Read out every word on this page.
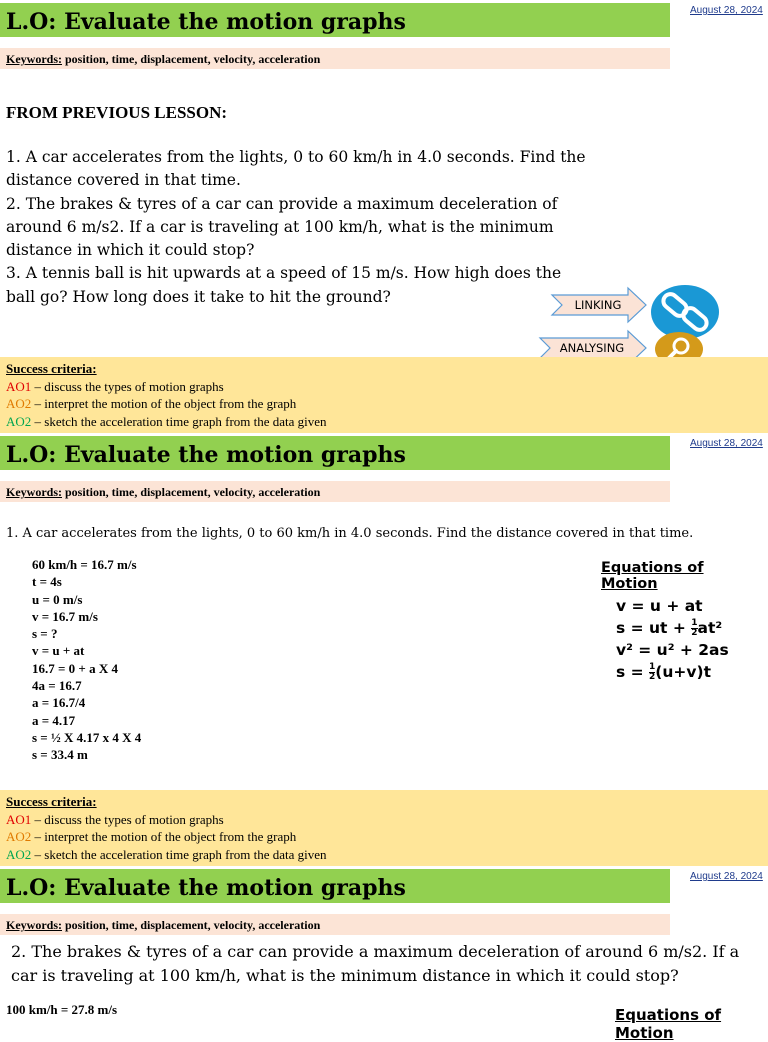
L.O: Evaluate the motion graphs	August 28, 2024
Keywords: position, time, displacement, velocity, acceleration
FROM PREVIOUS LESSON:

1. A car accelerates from the lights, 0 to 60 km/h in 4.0 seconds. Find the distance covered in that time.

2. The brakes & tyres of a car can provide a maximum deceleration of around 6 m/s2. If a car is traveling at 100 km/h, what is the minimum distance in which it could stop?

3. A tennis ball is hit upwards at a speed of 15 m/s. How high does the ball go? How long does it take to hit the ground?	LINKING
ANALYSING
Success criteria:
AO1 – discuss the types of motion graphs
AO2 – interpret the motion of the object from the graph
AO2 – sketch the acceleration time graph from the data given
L.O: Evaluate the motion graphs	August 28, 2024
Keywords: position, time, displacement, velocity, acceleration
1. A car accelerates from the lights, 0 to 60 km/h in 4.0 seconds. Find the distance covered in that time.
60 km/h = 16.7 m/s
t = 4s
u = 0 m/s
v = 16.7 m/s
s = ?
v = u + at
16.7 = 0 + a X 4
4a = 16.7
a = 16.7/4
a = 4.17
s = ½ X 4.17 x 4 X 4
s = 33.4 m
Equations of Motion
v = u + at
s = ut + $\frac{1}{2} at^2$
v² = u² + 2as
$s = \frac{1}{2} (u+v)t$
Success criteria:
AO1 – discuss the types of motion graphs
AO2 – interpret the motion of the object from the graph
AO2 – sketch the acceleration time graph from the data given
L.O: Evaluate the motion graphs	August 28, 2024
Keywords: position, time, displacement, velocity, acceleration
2. The brakes & tyres of a car can provide a maximum deceleration of around 6 m/s2. If a car is traveling at 100 km/h, what is the minimum distance in which it could stop?
100 km/h = 27.8 m/s	Equations of Motion
